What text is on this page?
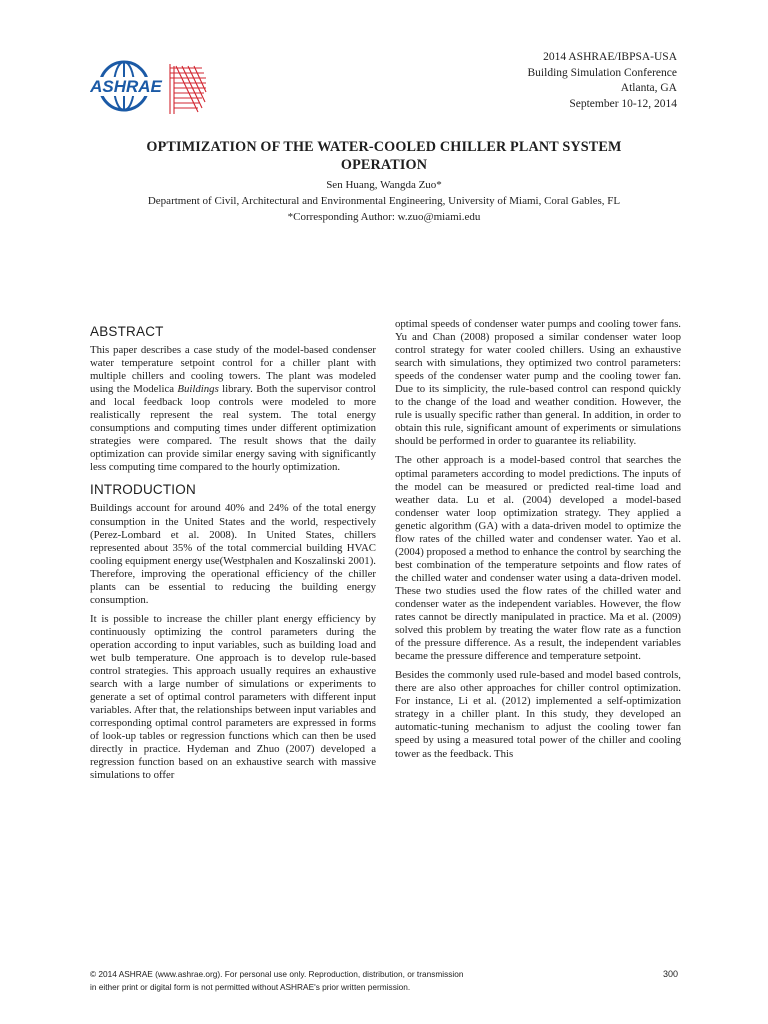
ASHRAE
2014 ASHRAE/IBPSA-USA
Building Simulation Conference
Atlanta, GA
September 10-12, 2014
OPTIMIZATION OF THE WATER-COOLED CHILLER PLANT SYSTEM
OPERATION
Sen Huang, Wangda Zuo*
Department of Civil, Architectural and Environmental Engineering, University of Miami, Coral Gables, FL
*Corresponding Author: w.zuo@miami.edu
ABSTRACT

This paper describes a case study of the model-based condenser water temperature setpoint control for a chiller plant with multiple chillers and cooling towers. The plant was modeled using the Modelica Buildings library. Both the supervisor control and local feedback loop controls were modeled to more realistically represent the real system. The total energy consumptions and computing times under different optimization strategies were compared. The result shows that the daily optimization can provide similar energy saving with significantly less computing time compared to the hourly optimization.

INTRODUCTION

Buildings account for around 40% and 24% of the total energy consumption in the United States and the world, respectively (Perez-Lombard et al. 2008). In United States, chillers represented about 35% of the total commercial building HVAC cooling equipment energy use(Westphalen and Koszalinski 2001). Therefore, improving the operational efficiency of the chiller plants can be essential to reducing the building energy consumption.

It is possible to increase the chiller plant energy efficiency by continuously optimizing the control parameters during the operation according to input variables, such as building load and wet bulb temperature. One approach is to develop rule-based control strategies. This approach usually requires an exhaustive search with a large number of simulations or experiments to generate a set of optimal control parameters with different input variables. After that, the relationships between input variables and corresponding optimal control parameters are expressed in forms of look-up tables or regression functions which can then be used directly in practice. Hydeman and Zhuo (2007) developed a regression function based on an exhaustive search with massive simulations to offer

optimal speeds of condenser water pumps and cooling tower fans. Yu and Chan (2008) proposed a similar condenser water loop control strategy for water cooled chillers. Using an exhaustive search with simulations, they optimized two control parameters: speeds of the condenser water pump and the cooling tower fan. Due to its simplicity, the rule-based control can respond quickly to the change of the load and weather condition. However, the rule is usually specific rather than general. In addition, in order to obtain this rule, significant amount of experiments or simulations should be performed in order to guarantee its reliability.

The other approach is a model-based control that searches the optimal parameters according to model predictions. The inputs of the model can be measured or predicted real-time load and weather data. Lu et al. (2004) developed a model-based condenser water loop optimization strategy. They applied a genetic algorithm (GA) with a data-driven model to optimize the flow rates of the chilled water and condenser water. Yao et al. (2004) proposed a method to enhance the control by searching the best combination of the temperature setpoints and flow rates of the chilled water and condenser water using a data-driven model. These two studies used the flow rates of the chilled water and condenser water as the independent variables. However, the flow rates cannot be directly manipulated in practice. Ma et al. (2009) solved this problem by treating the water flow rate as a function of the pressure difference. As a result, the independent variables became the pressure difference and temperature setpoint.

Besides the commonly used rule-based and model based controls, there are also other approaches for chiller control optimization. For instance, Li et al. (2012) implemented a self-optimization strategy in a chiller plant. In this study, they developed an automatic-tuning mechanism to adjust the cooling tower fan speed by using a measured total power of the chiller and cooling tower as the feedback. This

© 2014 ASHRAE (www.ashrae.org). For personal use only. Reproduction, distribution, or transmission
in either print or digital form is not permitted without ASHRAE's prior written permission.
300
